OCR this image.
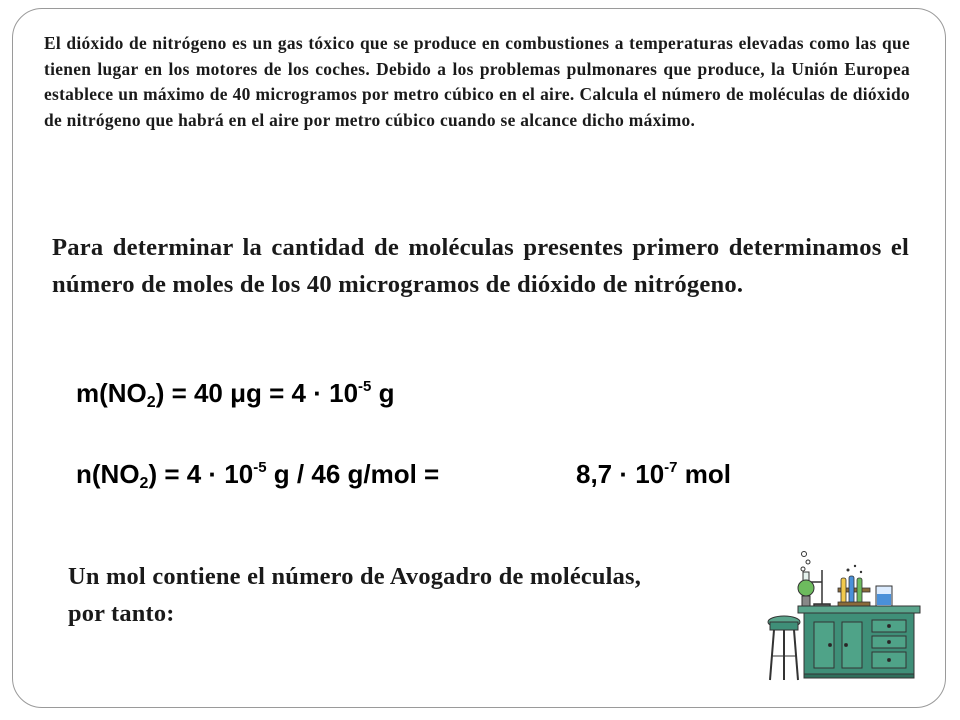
El dióxido de nitrógeno es un gas tóxico que se produce en combustiones a temperaturas elevadas como las que tienen lugar en los motores de los coches. Debido a los problemas pulmonares que produce, la Unión Europea establece un máximo de 40 microgramos por metro cúbico en el aire. Calcula el número de moléculas de dióxido de nitrógeno que habrá en el aire por metro cúbico cuando se alcance dicho máximo.
Para determinar la cantidad de moléculas presentes primero determinamos el número de moles de los 40 microgramos de dióxido de nitrógeno.
$m(NO_2) = 40$ $\mu g = 4 \cdot 10^{-5}$ g
$n(NO_2) = 4 \cdot 10^{-5}$ g / 46 g/mol =	$8,7 \cdot 10^{-7}$ mol
Un mol contiene el número de Avogadro de moléculas, por tanto:
